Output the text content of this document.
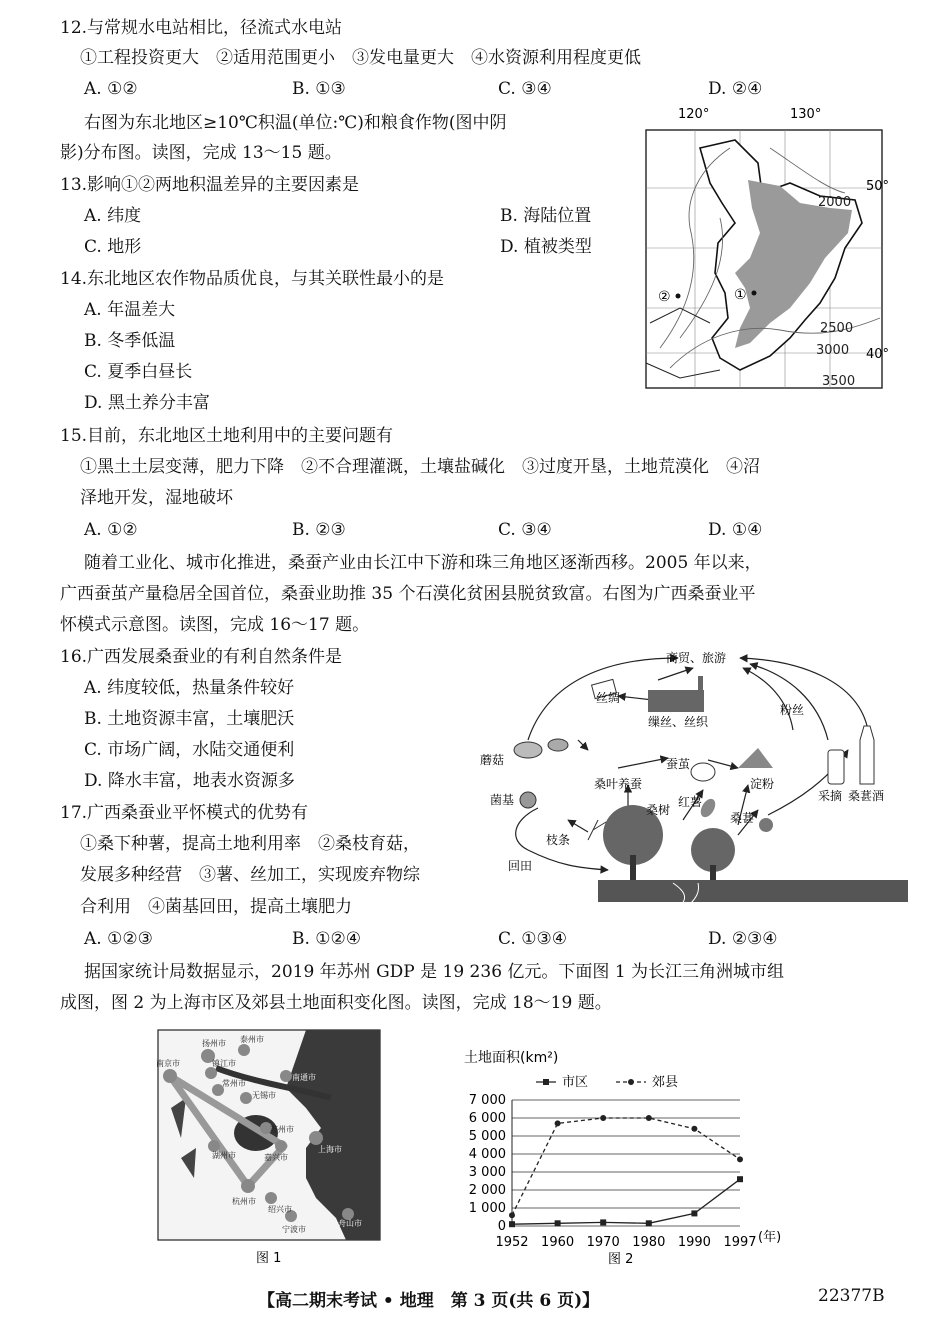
12.与常规水电站相比，径流式水电站
①工程投资更大　②适用范围更小　③发电量更大　④水资源利用程度更低
A. ①②	B. ①③	C. ③④	D. ②④
右图为东北地区≥10℃积温(单位:℃)和粮食作物(图中阴
影)分布图。读图，完成 13～15 题。
13.影响①②两地积温差异的主要因素是
A. 纬度	B. 海陆位置
C. 地形	D. 植被类型
14.东北地区农作物品质优良，与其关联性最小的是
A. 年温差大
B. 冬季低温
C. 夏季白昼长
D. 黑土养分丰富
120°	130°
50°
40°
2000
2500
3000
3500
②	①
15.目前，东北地区土地利用中的主要问题有
①黑土土层变薄，肥力下降　②不合理灌溉，土壤盐碱化　③过度开垦，土地荒漠化　④沼
泽地开发，湿地破坏
A. ①②	B. ②③	C. ③④	D. ①④
随着工业化、城市化推进，桑蚕产业由长江中下游和珠三角地区逐渐西移。2005 年以来，
广西蚕茧产量稳居全国首位，桑蚕业助推 35 个石漠化贫困县脱贫致富。右图为广西桑蚕业平
怀模式示意图。读图，完成 16～17 题。
16.广西发展桑蚕业的有利自然条件是
A. 纬度较低，热量条件较好
B. 土地资源丰富，土壤肥沃
C. 市场广阔，水陆交通便利
D. 降水丰富，地表水资源多
17.广西桑蚕业平怀模式的优势有
①桑下种薯，提高土地利用率　②桑枝育菇，
发展多种经营　③薯、丝加工，实现废弃物综
合利用　④菌基回田，提高土壤肥力
A. ①②③	B. ①②④	C. ①③④	D. ②③④
商贸、旅游
丝绸
缫丝、丝织
粉丝
蘑菇	蚕茧
桑叶养蚕
红薯
淀粉
采摘 桑葚酒
菌基
枝条
桑树
桑葚
回田	桑下种薯
据国家统计局数据显示，2019 年苏州 GDP 是 19 236 亿元。下面图 1 为长江三角洲城市组
成图，图 2 为上海市区及郊县土地面积变化图。读图，完成 18～19 题。
南京市
扬州市 泰州市
镇江市
常州市
南通市
无锡市
苏州市
湖州市	嘉兴市
上海市
杭州市
绍兴市
宁波市
舟山市
图 1
土地面积(km²)
市区	郊县
0
1 000
2 000
3 000
4 000
5 000
6 000
7 000
1952 1960 1970 1980 1990 1997 (年)
图 2
【高二期末考试 • 地理　第 3 页(共 6 页)】	22377B
